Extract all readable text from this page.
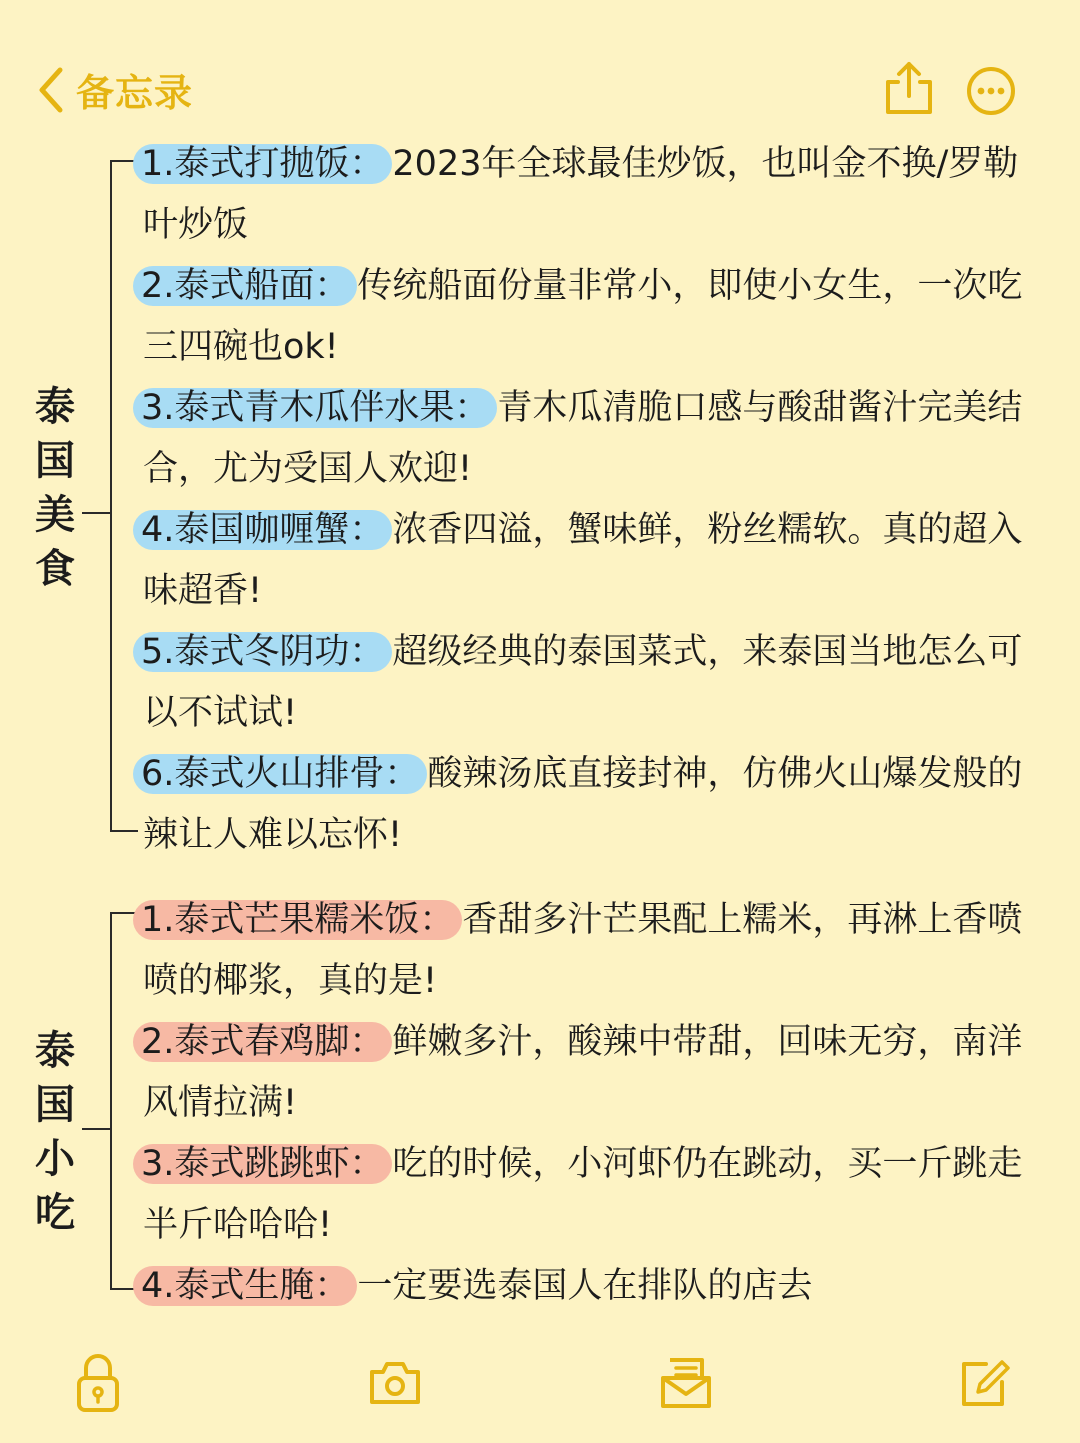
备忘录
泰国美食

1.泰式打抛饭： 2023年全球最佳炒饭，也叫金不换/罗勒叶炒饭

2.泰式船面： 传统船面份量非常小，即使小女生，一次吃三四碗也ok!

3.泰式青木瓜伴水果： 青木瓜清脆口感与酸甜酱汁完美结合，尤为受国人欢迎!

4.泰国咖喱蟹： 浓香四溢，蟹味鲜，粉丝糯软。真的超入味超香!

5.泰式冬阴功： 超级经典的泰国菜式，来泰国当地怎么可以不试试!

6.泰式火山排骨： 酸辣汤底直接封神，仿佛火山爆发般的辣让人难以忘怀!

泰国小吃

1.泰式芒果糯米饭： 香甜多汁芒果配上糯米，再淋上香喷喷的椰浆，真的是!

2.泰式春鸡脚： 鲜嫩多汁，酸辣中带甜，回味无穷，南洋风情拉满!

3.泰式跳跳虾： 吃的时候，小河虾仍在跳动，买一斤跳走半斤哈哈哈!

4.泰式生腌： 一定要选泰国人在排队的店去
